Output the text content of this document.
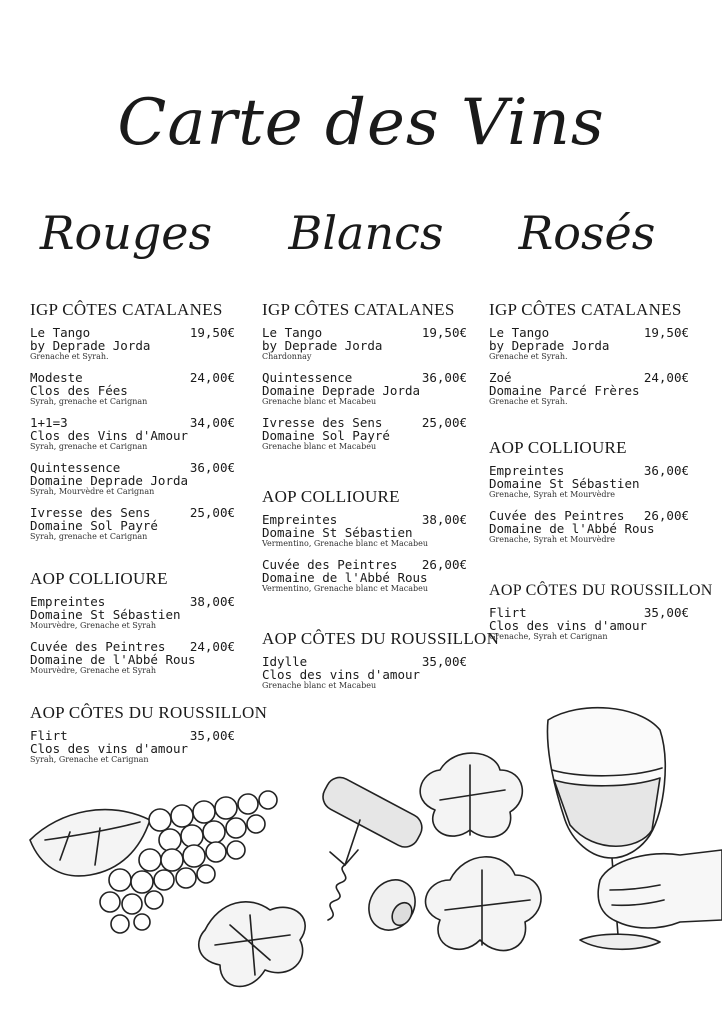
Carte des Vins
Rouges	Blancs	Rosés
IGP CÔTES CATALANES
Le Tango	19,50€
by Deprade Jorda
Grenache et Syrah.
Modeste	24,00€
Clos des Fées
Syrah, grenache et Carignan
1+1=3	34,00€
Clos des Vins d'Amour
Syrah, grenache et Carignan
Quintessence	36,00€
Domaine Deprade Jorda
Syrah, Mourvèdre et Carignan
Ivresse des Sens	25,00€
Domaine Sol Payré
Syrah, grenache et Carignan
AOP COLLIOURE
Empreintes	38,00€
Domaine St Sébastien
Mourvèdre, Grenache et Syrah
Cuvée des Peintres 24,00€
Domaine de l'Abbé Rous
Mourvèdre, Grenache et Syrah
AOP CÔTES DU ROUSSILLON
Flirt	35,00€
Clos des vins d'amour
Syrah, Grenache et Carignan
IGP CÔTES CATALANES
Le Tango	19,50€
by Deprade Jorda
Chardonnay
Quintessence	36,00€
Domaine Deprade Jorda
Grenache blanc et Macabeu
Ivresse des Sens	25,00€
Domaine Sol Payré
Grenache blanc et Macabeu
AOP COLLIOURE
Empreintes	38,00€
Domaine St Sébastien
Vermentino, Grenache blanc et Macabeu
Cuvée des Peintres 26,00€
Domaine de l'Abbé Rous
Vermentino, Grenache blanc et Macabeu
AOP CÔTES DU ROUSSILLON
Idylle	35,00€
Clos des vins d'amour
Grenache blanc et Macabeu
IGP CÔTES CATALANES
Le Tango	19,50€
by Deprade Jorda
Grenache et Syrah.
Zoé	24,00€
Domaine Parcé Frères
Grenache et Syrah.
AOP COLLIOURE
Empreintes	36,00€
Domaine St Sébastien
Grenache, Syrah et Mourvèdre
Cuvée des Peintres 26,00€
Domaine de l'Abbé Rous
Grenache, Syrah et Mourvèdre
AOP CÔTES DU ROUSSILLON
Flirt	35,00€
Clos des vins d'amour
Grenache, Syrah et Carignan
